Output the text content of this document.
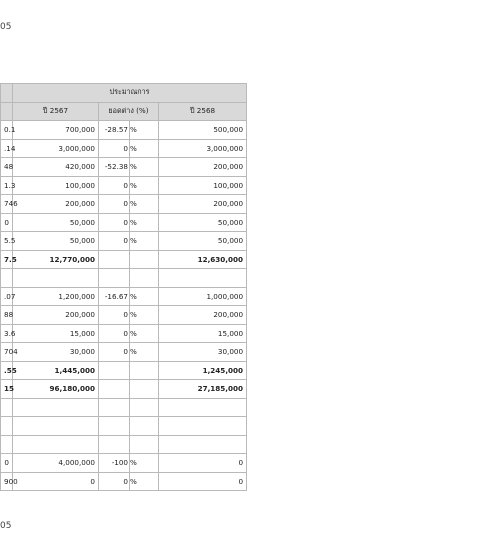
05
	ประมาณการ			
	ปี 2567	ยอดต่าง (%)		ปี 2568
0.1	700,000	-28.57	%	500,000
.14	3,000,000	0	%	3,000,000
48	420,000	-52.38	%	200,000
1.3	100,000	0	%	100,000
746	200,000	0	%	200,000
0	50,000	0	%	50,000
5.5	50,000	0	%	50,000
7.5	12,770,000			12,630,000

.07	1,200,000	-16.67	%	1,000,000
88	200,000	0	%	200,000
3.6	15,000	0	%	15,000
704	30,000	0	%	30,000
.55	1,445,000			1,245,000
15	96,180,000			27,185,000

0	4,000,000	-100	%	0
900	0	0	%	0
05
